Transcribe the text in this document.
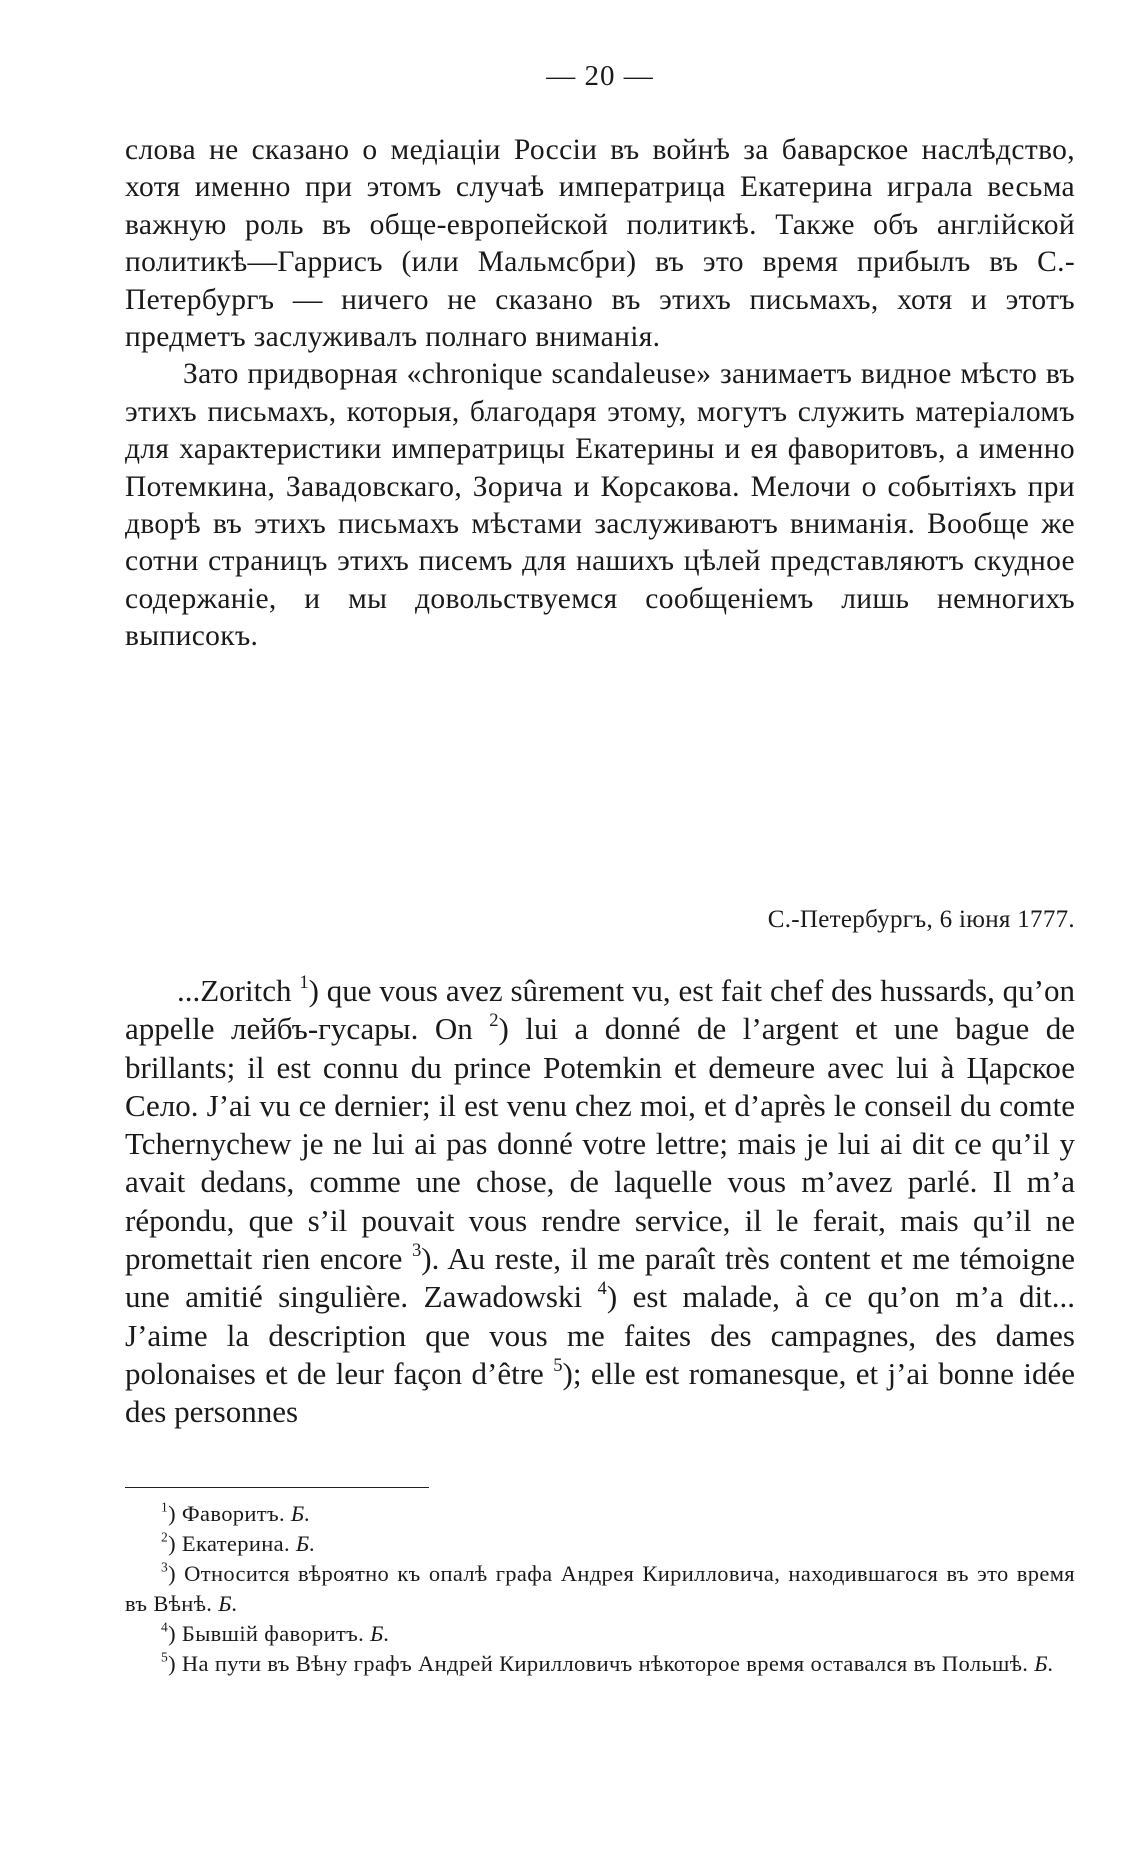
— 20 —

слова не сказано о медіаціи Россіи въ войнѣ за баварское наслѣдство, хотя именно при этомъ случаѣ императрица Екатерина играла весьма важную роль въ обще-европейской политикѣ. Также объ англійской политикѣ—Гаррисъ (или Мальмсбри) въ это время прибылъ въ С.-Петербургъ — ничего не сказано въ этихъ письмахъ, хотя и этотъ предметъ заслуживалъ полнаго вниманія.

Зато придворная «chronique scandaleuse» занимаетъ видное мѣсто въ этихъ письмахъ, которыя, благодаря этому, могутъ служить матеріаломъ для характеристики императрицы Екатерины и ея фаворитовъ, а именно Потемкина, Завадовскаго, Зорича и Корсакова. Мелочи о событіяхъ при дворѣ въ этихъ письмахъ мѣстами заслуживаютъ вниманія. Вообще же сотни страницъ этихъ писемъ для нашихъ цѣлей представляютъ скудное содержаніе, и мы довольствуемся сообщеніемъ лишь немногихъ выписокъ.

С.-Петербургъ, 6 іюня 1777.

...Zoritch $^1$) que vous avez sûrement vu, est fait chef des hussards, qu’on appelle лейбъ-гусары. On $^2$) lui a donné de l’argent et une bague de brillants; il est connu du prince Potemkin et demeure avec lui à Царское Село. J’ai vu ce dernier; il est venu chez moi, et d’après le conseil du comte Tchernychew je ne lui ai pas donné votre lettre; mais je lui ai dit ce qu’il y avait dedans, comme une chose, de laquelle vous m’avez parlé. Il m’a répondu, que s’il pouvait vous rendre service, il le ferait, mais qu’il ne promettait rien encore $^3$). Au reste, il me paraît très content et me témoigne une amitié singulière. Zawadowski $^4$) est malade, à ce qu’on m’a dit... J’aime la description que vous me faites des campagnes, des dames polonaises et de leur façon d’être $^5$); elle est romanesque, et j’ai bonne idée des personnes

$^1$) Фаворитъ. Б.

$^2$) Екатерина. Б.

$^3$) Относится вѣроятно къ опалѣ графа Андрея Кирилловича, находившагося въ это время въ Вѣнѣ. Б.

$^4$) Бывшій фаворитъ. Б.

$^5$) На пути въ Вѣну графъ Андрей Кирилловичъ нѣкоторое время оставался въ Польшѣ. Б.
